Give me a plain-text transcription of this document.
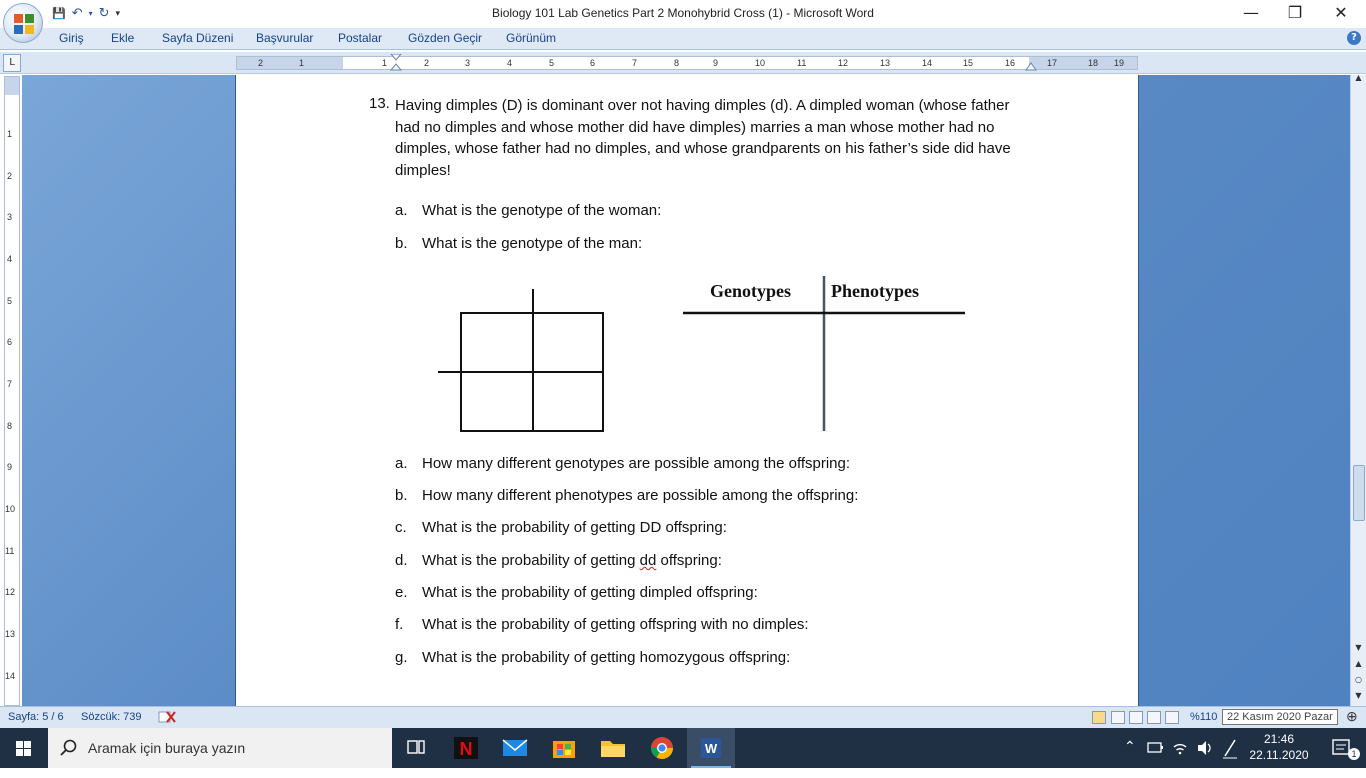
💾 ↶ ▾ ↻ ▾	Biology 101 Lab Genetics Part 2 Monohybrid Cross (1) - Microsoft Word	—	❐	✕
Giriş Ekle Sayfa Düzeni Başvurular Postalar Gözden Geçir Görünüm	?
L	2	1	1	2	3	4	5	6	7	8	9	10	11	12	13	14	15	16	17	18 19
1
2
3
4
5
6
7
8
9
10
11
12
13
14
13. Having dimples (D) is dominant over not having dimples (d). A dimpled woman (whose father had no dimples and whose mother did have dimples) marries a man whose mother had no dimples, whose father had no dimples, and whose grandparents on his father’s side did have dimples!
a. What is the genotype of the woman:
b. What is the genotype of the man:
Genotypes Phenotypes
a. How many different genotypes are possible among the offspring:
b. How many different phenotypes are possible among the offspring:
c. What is the probability of getting DD offspring:
d. What is the probability of getting dd offspring:
e. What is the probability of getting dimpled offspring:
f. What is the probability of getting offspring with no dimples:
g. What is the probability of getting homozygous offspring:
▲
▼
▲
○
▼
Sayfa: 5 / 6 Sözcük: 739	%110 22 Kasım 2020 Pazar ⊕
Aramak için buraya yazın	N	W	⌃	21:46
22.11.2020	1
